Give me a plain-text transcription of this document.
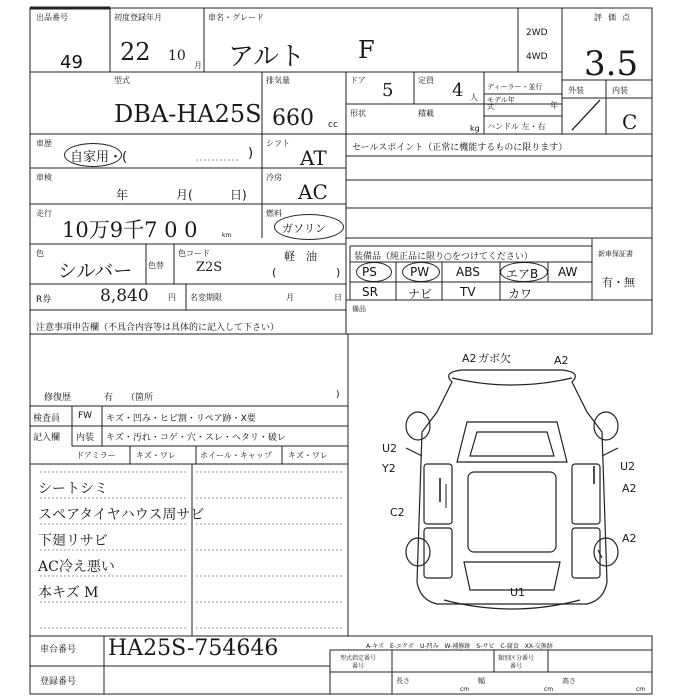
A2 ガボ欠	A2
U2
Y2	U2
C2
A2
A2
U1
A-キズ　E-エクボ　U-凹み　W-補修跡　S-サビ　C-腐食　XX-交換跡
出品番号
49
初度登録年月
22 10
月
車名・グレード
アルト F
2WD
4WD
評価点
3.5
型式
DBA-HA25S
排気量
660 cc
ドア 5	定員 4 人
ディーラー・並行
モデル年式	年
形状	積載
kg ハンドル 左・右
外装	内装
C
車歴
自家用・(	)
シフト
AT	セールスポイント（正常に機能するものに限ります）
車検
年	月(	日)
冷房
AC
走行
10万9千7 0 0	km
燃料
ガソリン
色
シルバー 色替
色コード
Z2S	(	)
軽　油
R券	8,840 円 名変期限	月	日
装備品（純正品に限り○をつけてください）
PS	PW ABS エアB AW
SR	ナビ TV	カワ
新車保証書
有・無
備品
注意事項申告欄（不具合内容等は具体的に記入して下さい）
修復歴	有 （箇所	)
検査員
記入欄
FW キズ・凹み・ヒビ割・リペア跡・X要
内装 キズ・汚れ・コゲ・穴・スレ・ヘタリ・破レ
ドアミラー	キズ・ワレ	ホイール・キャップ キズ・ワレ
シートシミ
スペアタイヤハウス周サビ
下廻リサビ
AC冷え悪い
本キズ M
車台番号 HA25S-754646
登録番号
型式指定番号
番号
類別区分番号
番号
長さ
cm
幅
cm
高さ
cm
